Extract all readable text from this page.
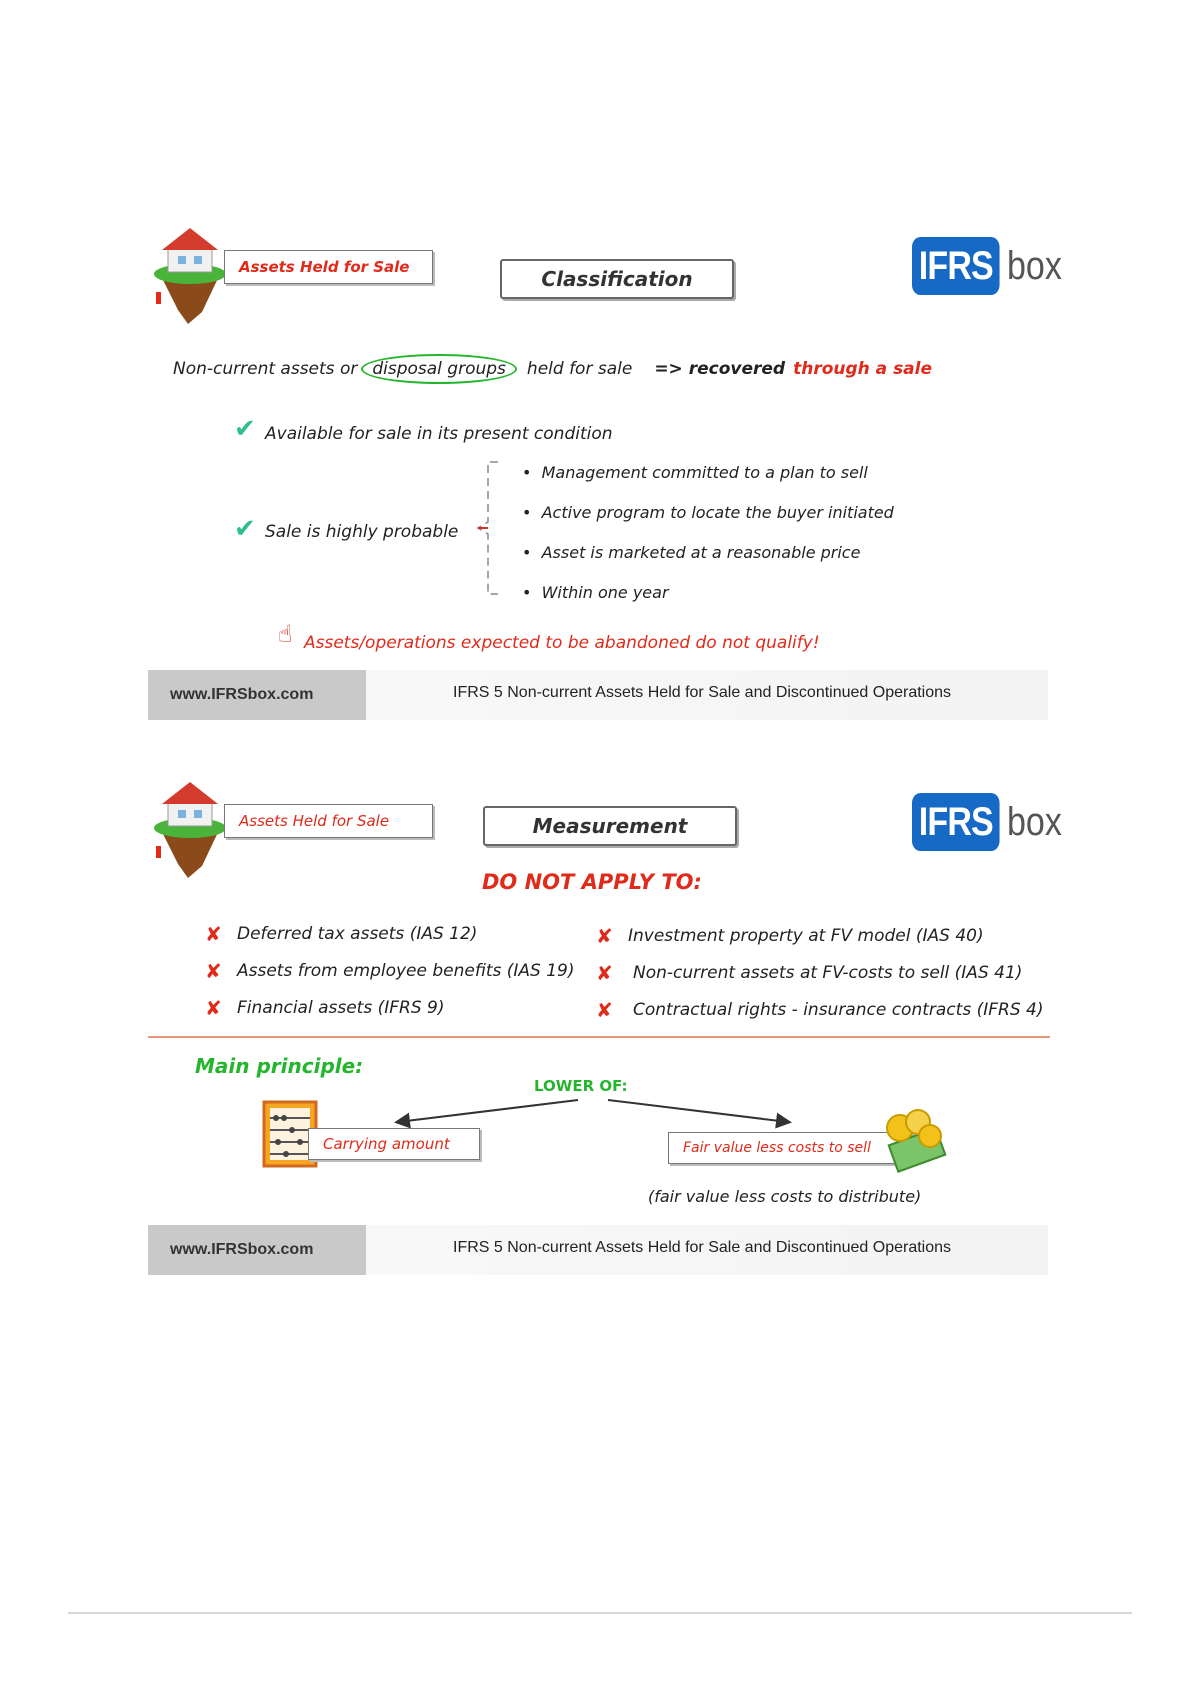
Assets Held for Sale	Classification	IFRS box
Non-current assets or disposal groups	held for sale => recovered through a sale
✔ Available for sale in its present condition
✔ Sale is highly probable
•  Management committed to a plan to sell
•  Active program to locate the buyer initiated
•  Asset is marketed at a reasonable price
•  Within one year
☝ Assets/operations expected to be abandoned do not qualify!
www.IFRSbox.com	IFRS 5 Non-current Assets Held for Sale and Discontinued Operations
Assets Held for Sale	Measurement	IFRS box
DO NOT APPLY TO:
✘ Deferred tax assets (IAS 12)
✘ Assets from employee benefits (IAS 19)
✘ Financial assets (IFRS 9)
✘ Investment property at FV model (IAS 40)
✘ Non-current assets at FV-costs to sell (IAS 41)
✘ Contractual rights - insurance contracts (IFRS 4)
Main principle:
LOWER OF:
Carrying amount	Fair value less costs to sell
(fair value less costs to distribute)
www.IFRSbox.com	IFRS 5 Non-current Assets Held for Sale and Discontinued Operations
